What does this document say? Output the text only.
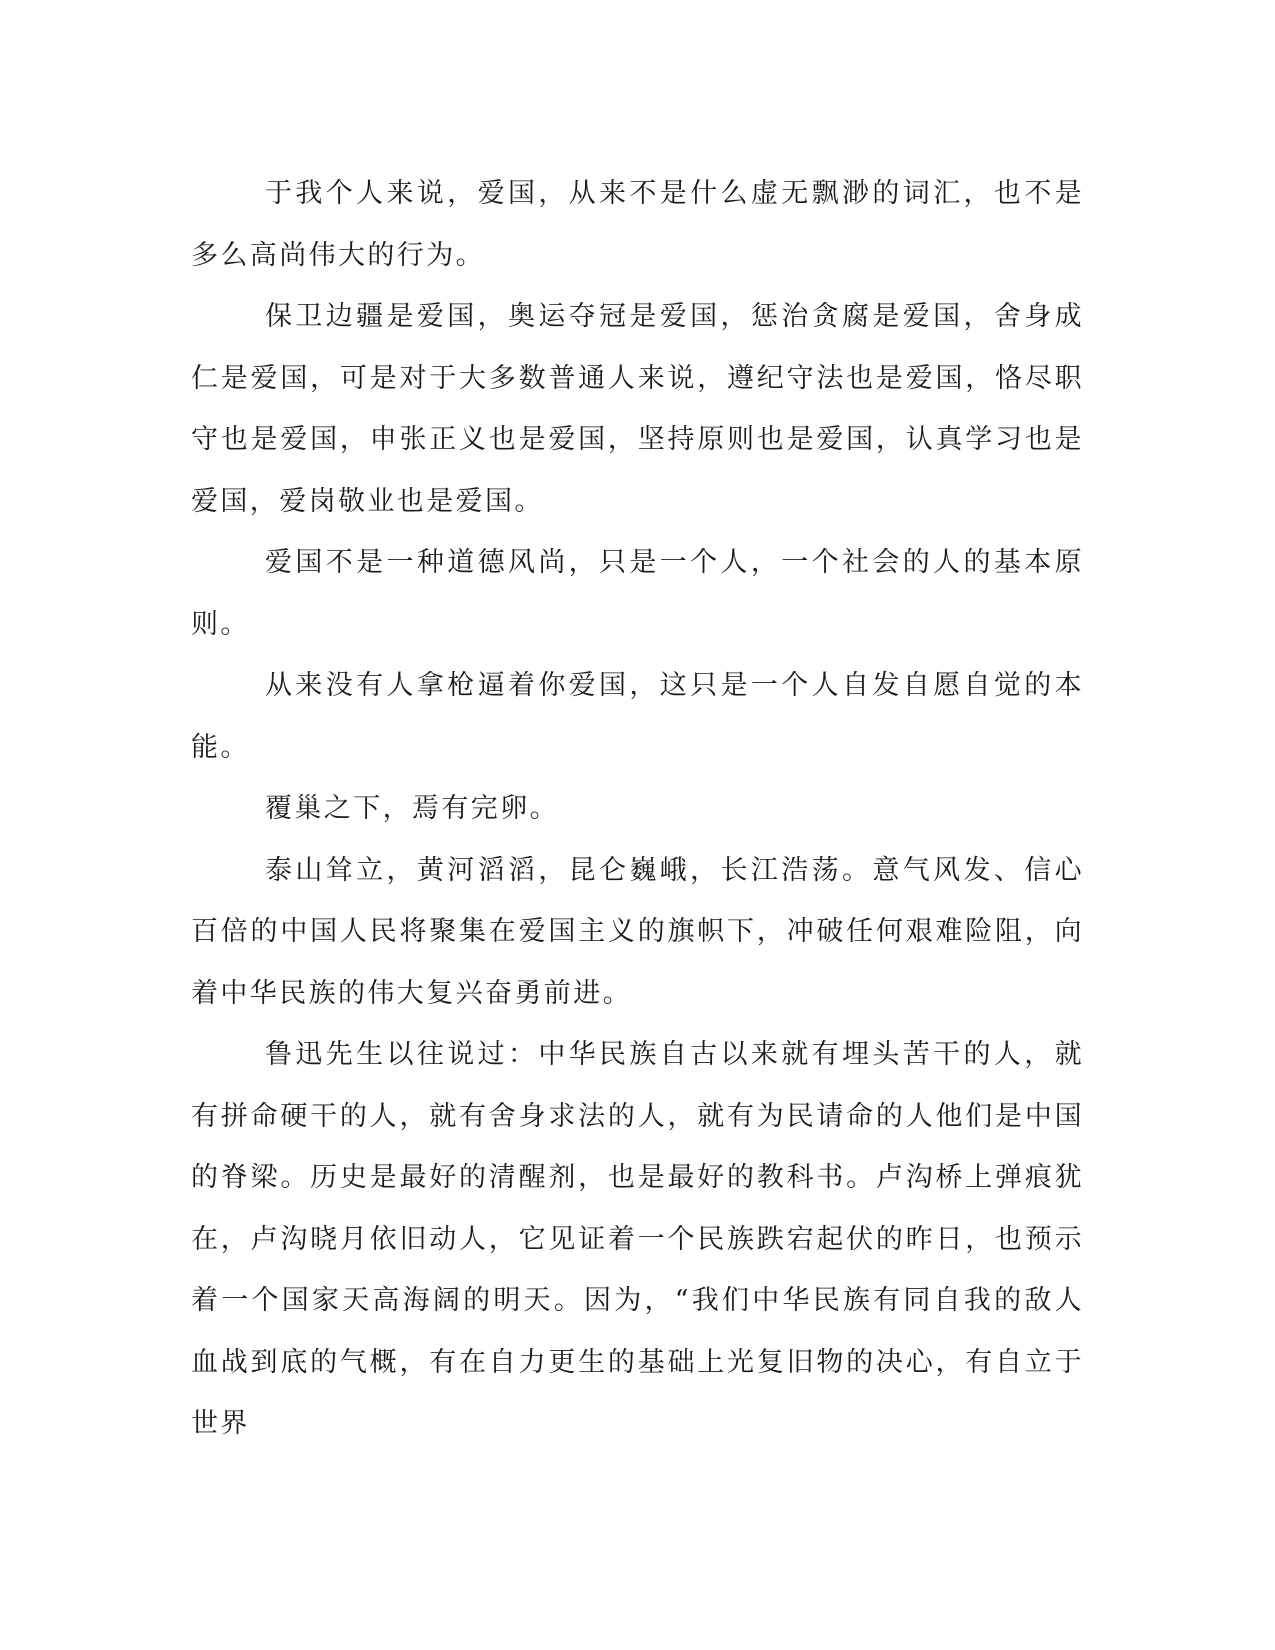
于我个人来说，爱国，从来不是什么虚无飘渺的词汇，也不是多么高尚伟大的行为。

保卫边疆是爱国，奥运夺冠是爱国，惩治贪腐是爱国，舍身成仁是爱国，可是对于大多数普通人来说，遵纪守法也是爱国，恪尽职守也是爱国，申张正义也是爱国，坚持原则也是爱国，认真学习也是爱国，爱岗敬业也是爱国。

爱国不是一种道德风尚，只是一个人，一个社会的人的基本原则。

从来没有人拿枪逼着你爱国，这只是一个人自发自愿自觉的本能。

覆巢之下，焉有完卵。

泰山耸立，黄河滔滔，昆仑巍峨，长江浩荡。意气风发、信心百倍的中国人民将聚集在爱国主义的旗帜下，冲破任何艰难险阻，向着中华民族的伟大复兴奋勇前进。

鲁迅先生以往说过：中华民族自古以来就有埋头苦干的人，就有拼命硬干的人，就有舍身求法的人，就有为民请命的人他们是中国的脊梁。历史是最好的清醒剂，也是最好的教科书。卢沟桥上弹痕犹在，卢沟晓月依旧动人，它见证着一个民族跌宕起伏的昨日，也预示着一个国家天高海阔的明天。因为，“我们中华民族有同自我的敌人血战到底的气概，有在自力更生的基础上光复旧物的决心，有自立于世界
